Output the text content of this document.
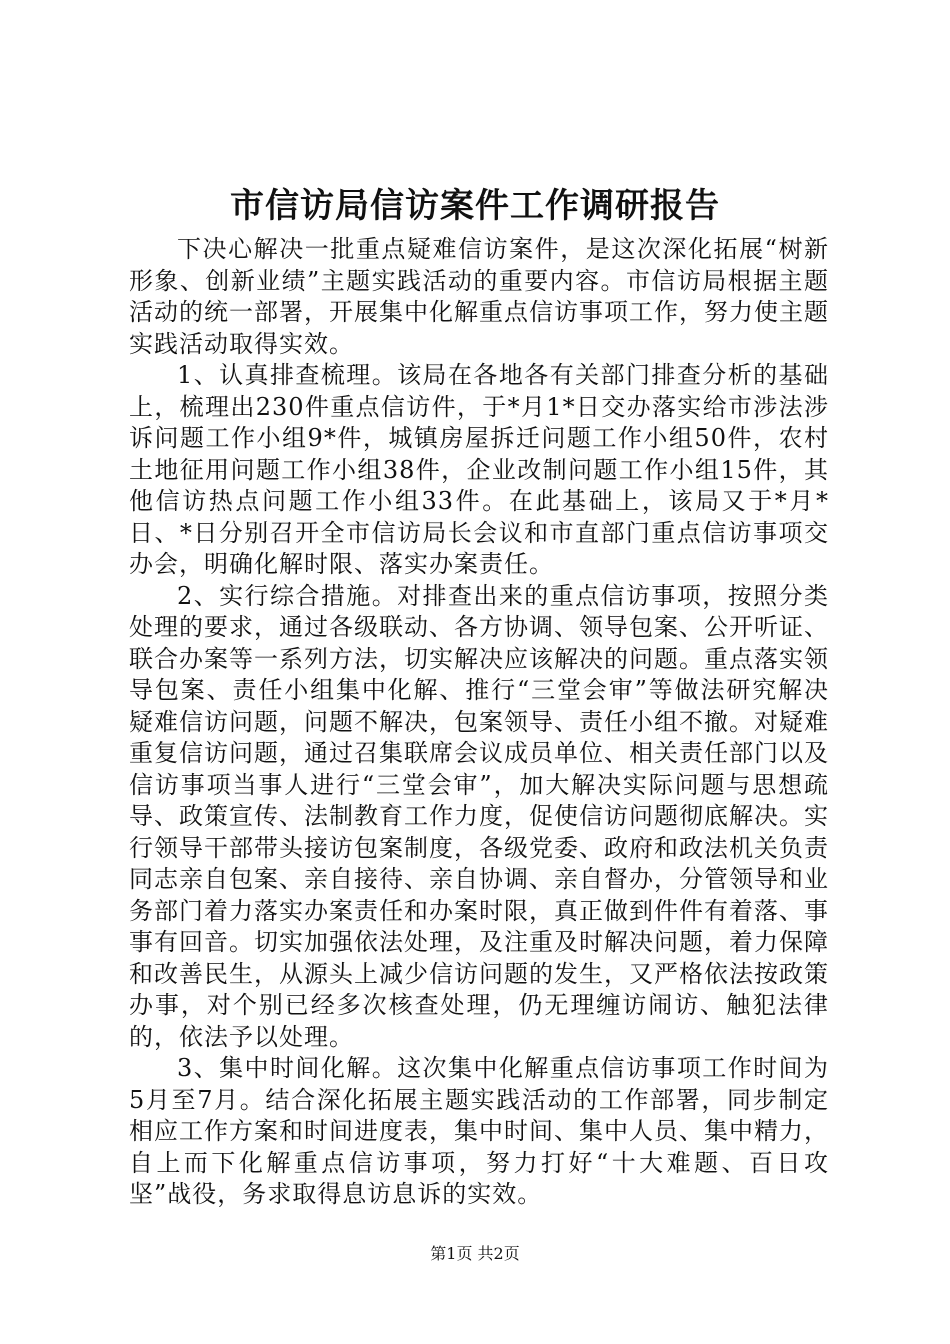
市信访局信访案件工作调研报告

下决心解决一批重点疑难信访案件，是这次深化拓展“树新形象、创新业绩”主题实践活动的重要内容。市信访局根据主题活动的统一部署，开展集中化解重点信访事项工作，努力使主题实践活动取得实效。

1、认真排查梳理。该局在各地各有关部门排查分析的基础上，梳理出230件重点信访件，于*月1*日交办落实给市涉法涉诉问题工作小组9*件，城镇房屋拆迁问题工作小组50件，农村土地征用问题工作小组38件，企业改制问题工作小组15件，其他信访热点问题工作小组33件。在此基础上，该局又于*月*日、*日分别召开全市信访局长会议和市直部门重点信访事项交办会，明确化解时限、落实办案责任。

2、实行综合措施。对排查出来的重点信访事项，按照分类处理的要求，通过各级联动、各方协调、领导包案、公开听证、联合办案等一系列方法，切实解决应该解决的问题。重点落实领导包案、责任小组集中化解、推行“三堂会审”等做法研究解决疑难信访问题，问题不解决，包案领导、责任小组不撤。对疑难重复信访问题，通过召集联席会议成员单位、相关责任部门以及信访事项当事人进行“三堂会审”，加大解决实际问题与思想疏导、政策宣传、法制教育工作力度，促使信访问题彻底解决。实行领导干部带头接访包案制度，各级党委、政府和政法机关负责同志亲自包案、亲自接待、亲自协调、亲自督办，分管领导和业务部门着力落实办案责任和办案时限，真正做到件件有着落、事事有回音。切实加强依法处理，及注重及时解决问题，着力保障和改善民生，从源头上减少信访问题的发生，又严格依法按政策办事，对个别已经多次核查处理，仍无理缠访闹访、触犯法律的，依法予以处理。

3、集中时间化解。这次集中化解重点信访事项工作时间为5月至7月。结合深化拓展主题实践活动的工作部署，同步制定相应工作方案和时间进度表，集中时间、集中人员、集中精力，自上而下化解重点信访事项，努力打好“十大难题、百日攻坚”战役，务求取得息访息诉的实效。

第1页 共2页
